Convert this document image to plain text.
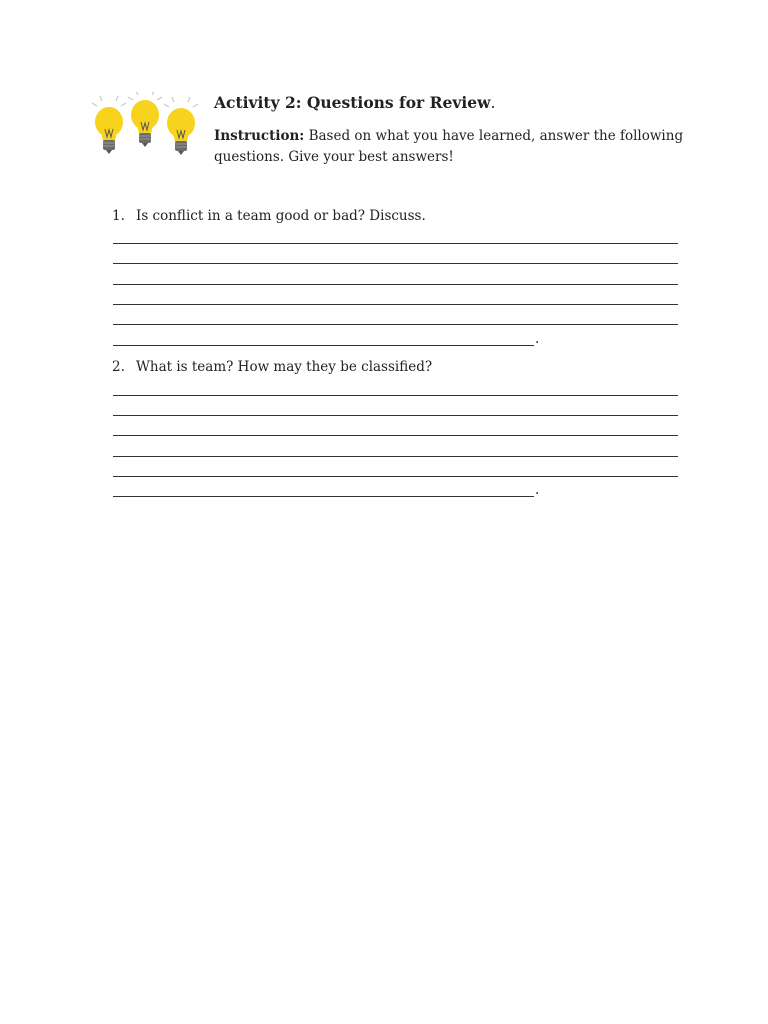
Activity 2: Questions for Review.
Instruction: Based on what you have learned, answer the following questions. Give your best answers!
1. Is conflict in a team good or bad? Discuss.
.
2. What is team? How may they be classified?
.
